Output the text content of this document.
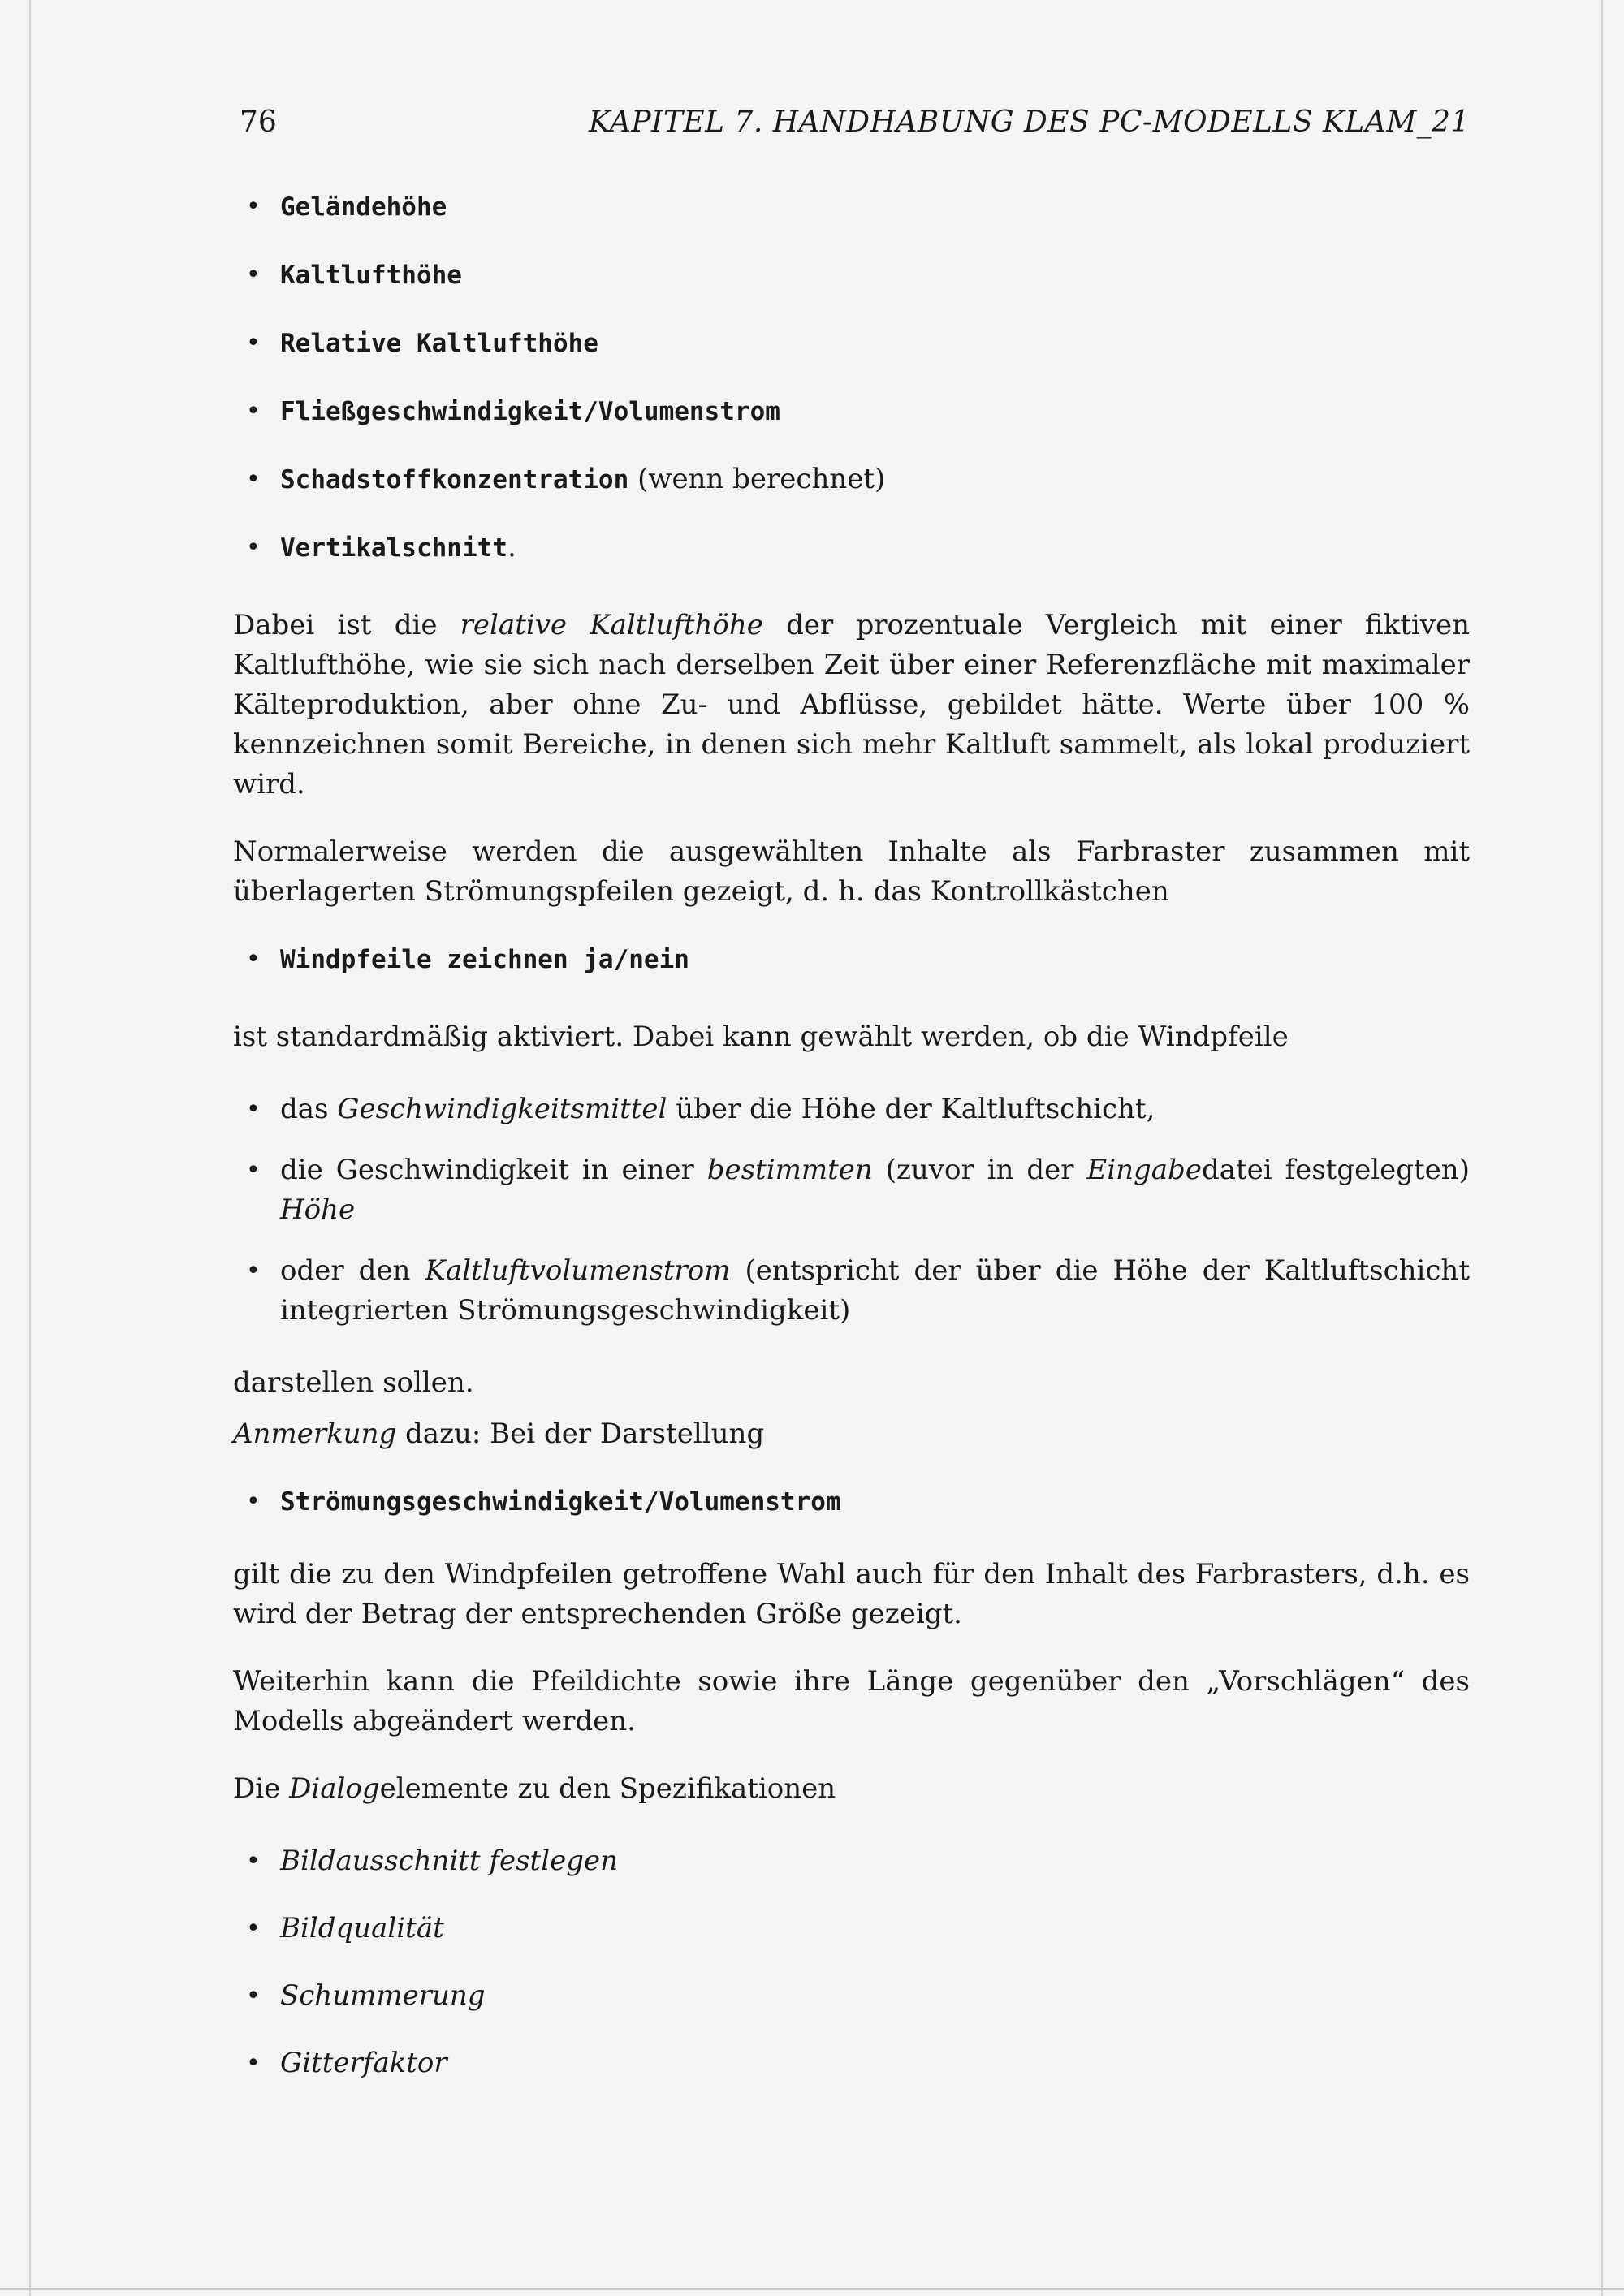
76	KAPITEL 7. HANDHABUNG DES PC-MODELLS KLAM_21
• Geländehöhe
• Kaltlufthöhe
• Relative Kaltlufthöhe
• Fließgeschwindigkeit/Volumenstrom
• Schadstoffkonzentration (wenn berechnet)
• Vertikalschnitt.

Dabei ist die relative Kaltlufthöhe der prozentuale Vergleich mit einer fiktiven Kaltlufthöhe, wie sie sich nach derselben Zeit über einer Referenzfläche mit maximaler Kälteproduktion, aber ohne Zu- und Abflüsse, gebildet hätte. Werte über 100 % kennzeichnen somit Bereiche, in denen sich mehr Kaltluft sammelt, als lokal produziert wird.

Normalerweise werden die ausgewählten Inhalte als Farbraster zusammen mit überlagerten Strömungspfeilen gezeigt, d. h. das Kontrollkästchen

• Windpfeile zeichnen ja/nein

ist standardmäßig aktiviert. Dabei kann gewählt werden, ob die Windpfeile

• das Geschwindigkeitsmittel über die Höhe der Kaltluftschicht,
• die Geschwindigkeit in einer bestimmten (zuvor in der Eingabedatei festgelegten) Höhe
• oder den Kaltluftvolumenstrom (entspricht der über die Höhe der Kaltluftschicht integrierten Strömungsgeschwindigkeit)

darstellen sollen.

Anmerkung dazu: Bei der Darstellung

• Strömungsgeschwindigkeit/Volumenstrom

gilt die zu den Windpfeilen getroffene Wahl auch für den Inhalt des Farbrasters, d.h. es wird der Betrag der entsprechenden Größe gezeigt.

Weiterhin kann die Pfeildichte sowie ihre Länge gegenüber den „Vorschlägen“ des Modells abgeändert werden.

Die Dialogelemente zu den Spezifikationen

• Bildausschnitt festlegen
• Bildqualität
• Schummerung
• Gitterfaktor
